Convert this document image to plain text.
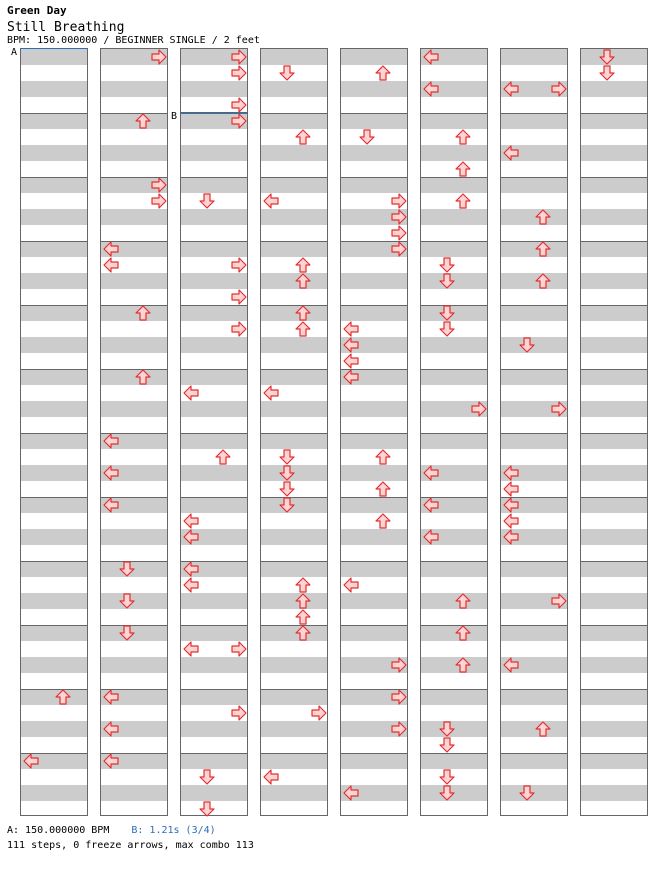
Green Day
Still Breathing
BPM: 150.000000 / BEGINNER SINGLE / 2 feet
A
B
A: 150.000000 BPM B: 1.21s (3/4)
111 steps, 0 freeze arrows, max combo 113
